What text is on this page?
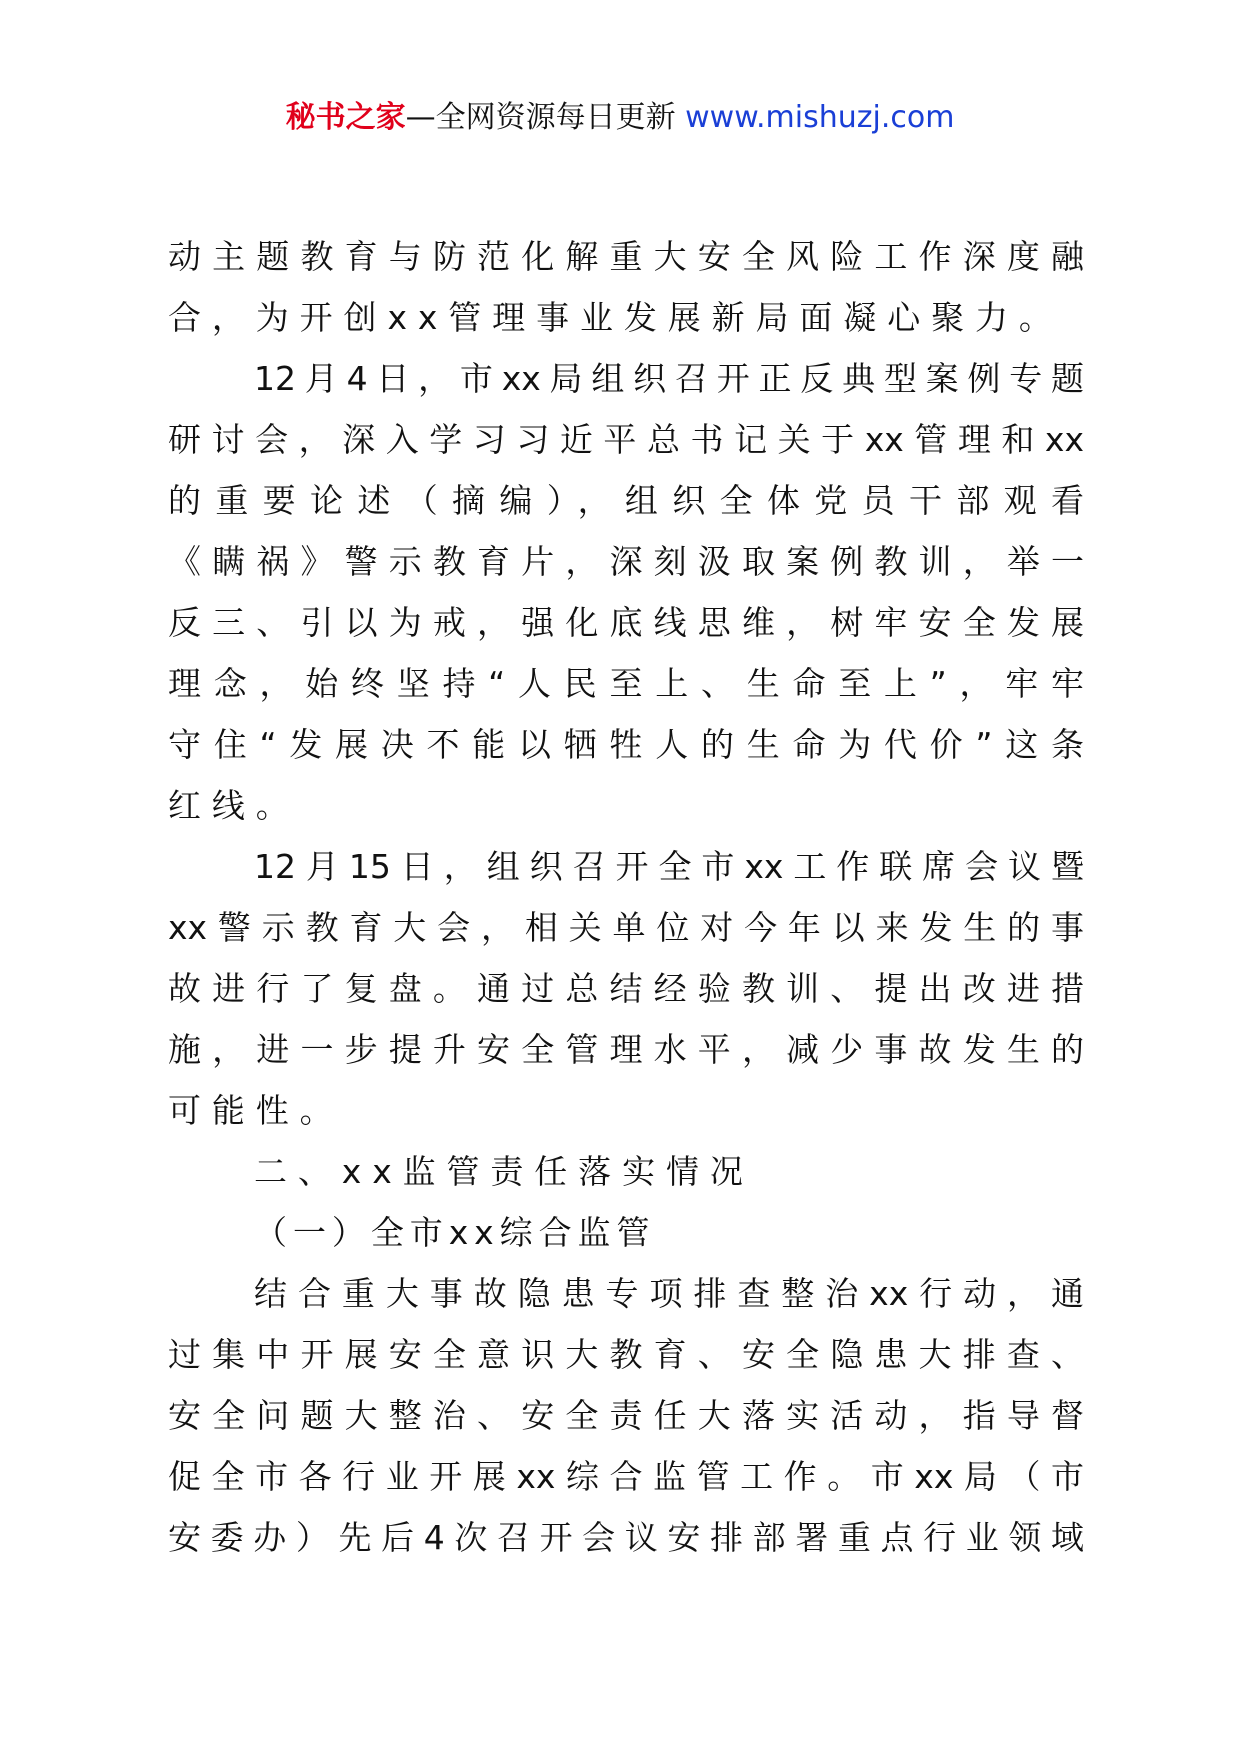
秘书之家—全网资源每日更新 www.mishuzj.com
动主题教育与防范化解重大安全风险工作深度融
合，为开创xx管理事业发展新局面凝心聚力。
12月4日，市xx局组织召开正反典型案例专题
研讨会，深入学习习近平总书记关于xx管理和xx
的重要论述（摘编），组织全体党员干部观看
《瞒祸》警示教育片，深刻汲取案例教训，举一
反三、引以为戒，强化底线思维，树牢安全发展
理念，始终坚持“人民至上、生命至上”，牢牢
守住“发展决不能以牺牲人的生命为代价”这条
红线。
12月15日，组织召开全市xx工作联席会议暨
xx警示教育大会，相关单位对今年以来发生的事
故进行了复盘。通过总结经验教训、提出改进措
施，进一步提升安全管理水平，减少事故发生的
可能性。
二、xx监管责任落实情况
（一）全市xx综合监管
结合重大事故隐患专项排查整治xx行动，通
过集中开展安全意识大教育、安全隐患大排查、
安全问题大整治、安全责任大落实活动，指导督
促全市各行业开展xx综合监管工作。市xx局（市
安委办）先后4次召开会议安排部署重点行业领域
